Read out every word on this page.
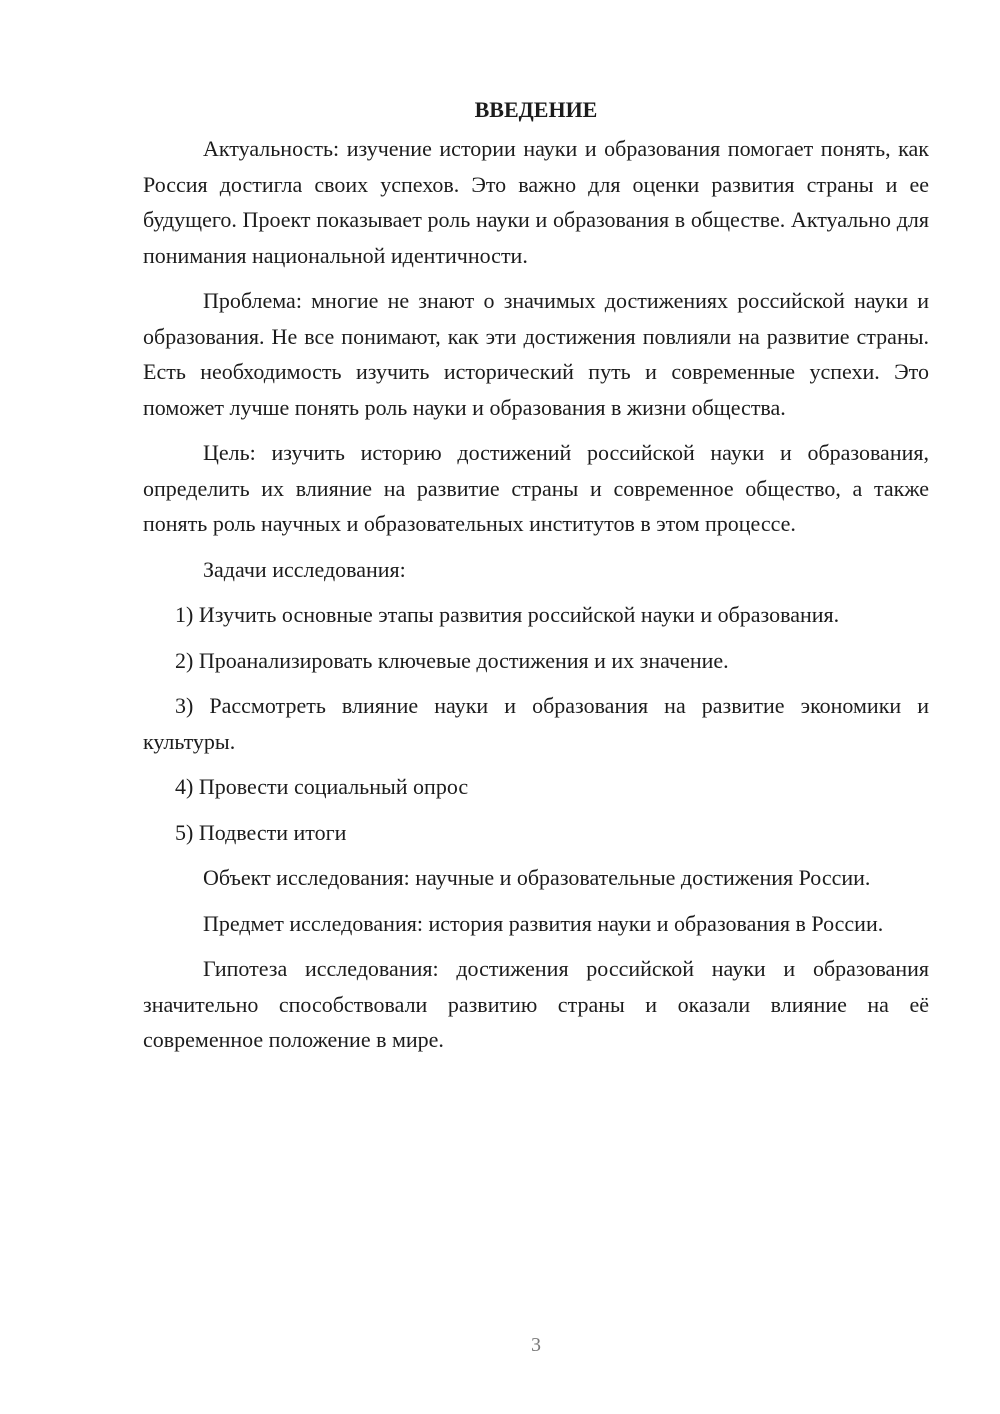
ВВЕДЕНИЕ

Актуальность: изучение истории науки и образования помогает понять, как Россия достигла своих успехов. Это важно для оценки развития страны и ее будущего. Проект показывает роль науки и образования в обществе. Актуально для понимания национальной идентичности.

Проблема: многие не знают о значимых достижениях российской науки и образования. Не все понимают, как эти достижения повлияли на развитие страны. Есть необходимость изучить исторический путь и современные успехи. Это поможет лучше понять роль науки и образования в жизни общества.

Цель: изучить историю достижений российской науки и образования, определить их влияние на развитие страны и современное общество, а также понять роль научных и образовательных институтов в этом процессе.

Задачи исследования:

1) Изучить основные этапы развития российской науки и образования.

2) Проанализировать ключевые достижения и их значение.

3) Рассмотреть влияние науки и образования на развитие экономики и культуры.

4) Провести социальный опрос

5) Подвести итоги

Объект исследования: научные и образовательные достижения России.

Предмет исследования: история развития науки и образования в России.

Гипотеза исследования: достижения российской науки и образования значительно способствовали развитию страны и оказали влияние на её современное положение в мире.

3
